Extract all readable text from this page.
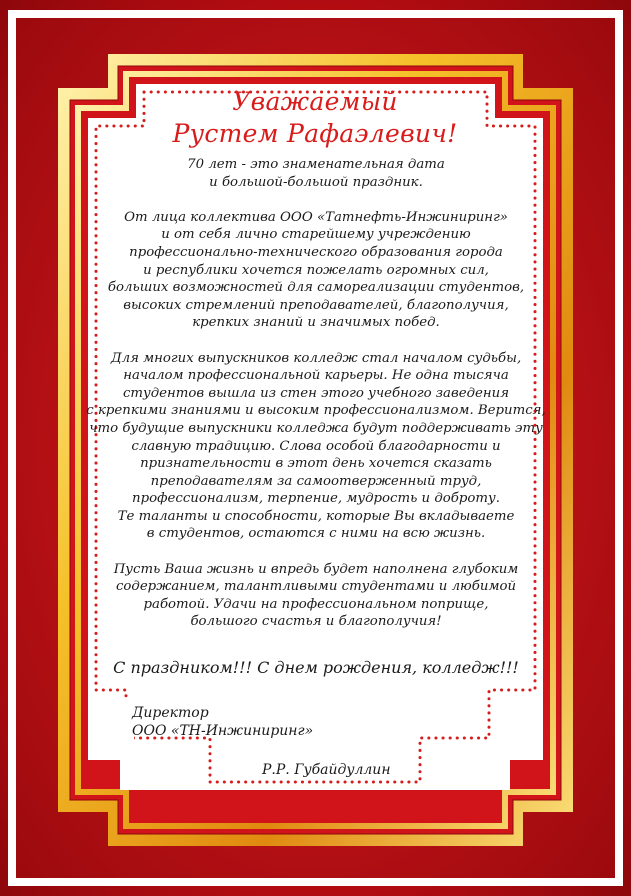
Уважаемый
Рустем Рафаэлевич!
70 лет - это знаменательная дата
и большой-большой праздник.
От лица коллектива ООО «Татнефть-Инжиниринг»
и от себя лично старейшему учреждению
профессионально-технического образования города
и республики хочется пожелать огромных сил,
больших возможностей для самореализации студентов,
высоких стремлений преподавателей, благополучия,
крепких знаний и значимых побед.
Для многих выпускников колледж стал началом судьбы,
началом профессиональной карьеры. Не одна тысяча
студентов вышла из стен этого учебного заведения
с крепкими знаниями и высоким профессионализмом. Верится,
что будущие выпускники колледжа будут поддерживать эту
славную традицию. Слова особой благодарности и
признательности в этот день хочется сказать
преподавателям за самоотверженный труд,
профессионализм, терпение, мудрость и доброту.
Те таланты и способности, которые Вы вкладываете
в студентов, остаются с ними на всю жизнь.
Пусть Ваша жизнь и впредь будет наполнена глубоким
содержанием, талантливыми студентами и любимой
работой. Удачи на профессиональном поприще,
большого счастья и благополучия!
С праздником!!! С днем рождения, колледж!!!
Директор
ООО «ТН-Инжиниринг»
Р.Р. Губайдуллин
